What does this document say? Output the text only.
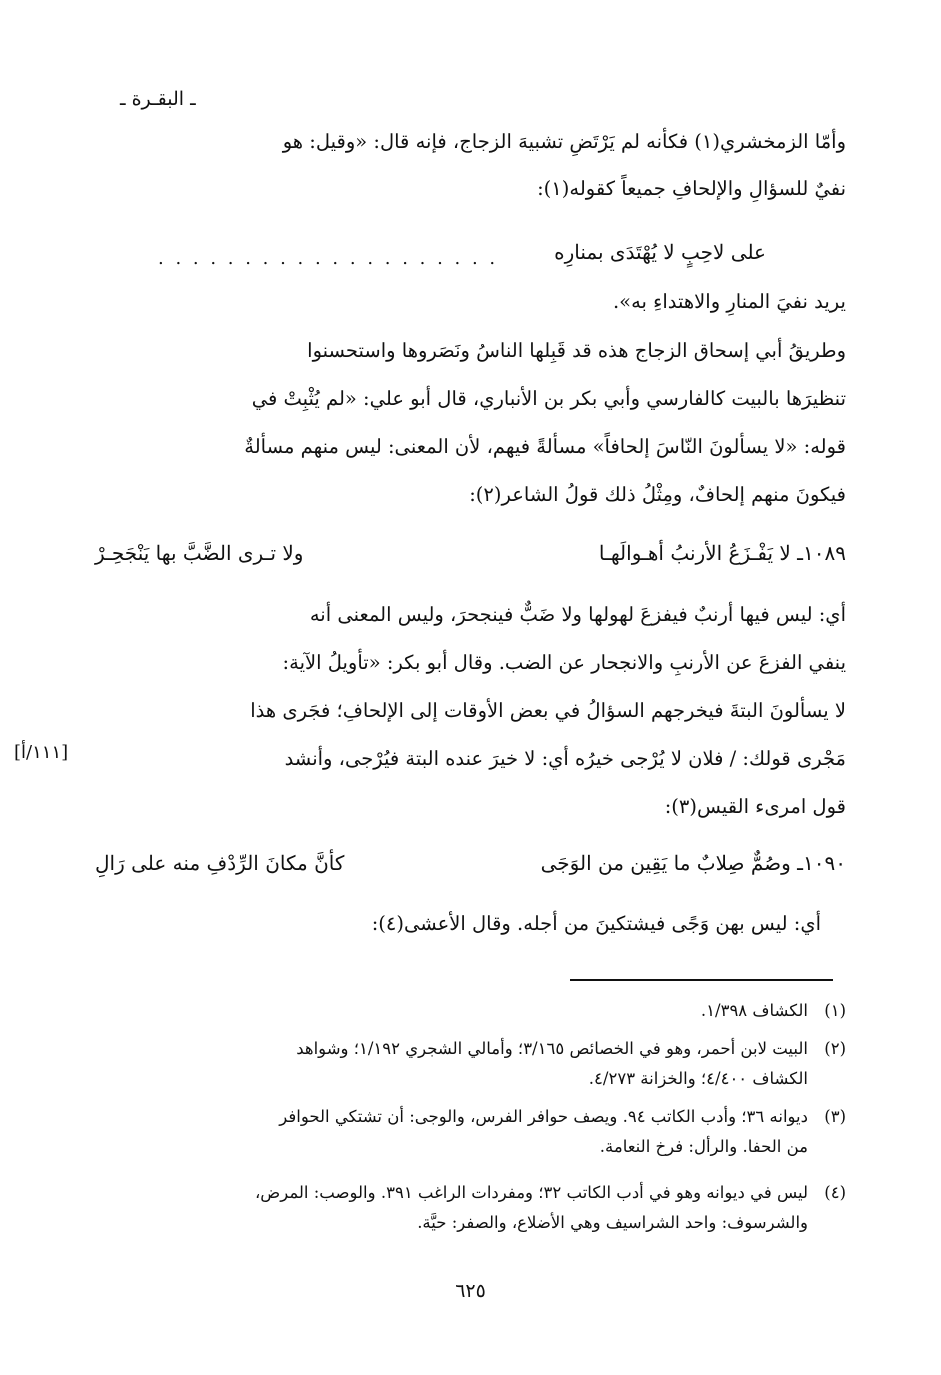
ـ البقـرة ـ
وأمّا الزمخشري(١) فكأنه لم يَرْتَضِ تشبيهَ الزجاج، فإنه قال: «وقيل: هو
نفيٌ للسؤالِ والإلحافِ جميعاً كقوله(١):
على لاحِبٍ لا يُهْتَدَى بمنارِه
. . . . . . . . . . . . . . . . . . . .
يريد نفيَ المنارِ والاهتداءِ به».
وطريقُ أبي إسحاق الزجاج هذه قد قَبِلها الناسُ ونَصَروها واستحسنوا
تنظيرَها بالبيت كالفارسي وأبي بكر بن الأنباري، قال أبو علي: «لم يُثْبِتْ في
قوله: «لا يسألونَ النّاسَ إلحافاً» مسألةً فيهم، لأن المعنى: ليس منهم مسألةٌ
فيكونَ منهم إلحافٌ، ومِثْلُ ذلك قولُ الشاعر(٢):
١٠٨٩ـ لا يَفْـزَعُ الأرنبُ أهـوالَهـا
ولا تـرى الضَّبَّ بها يَنْجَحِـرْ
أي: ليس فيها أرنبٌ فيفزعَ لهولها ولا ضَبٌّ فينجحرَ، وليس المعنى أنه
ينفي الفزعَ عن الأرنبِ والانجحار عن الضب. وقال أبو بكر: «تأويلُ الآية:
لا يسألونَ البتةَ فيخرجهم السؤالُ في بعض الأوقات إلى الإلحافِ؛ فجَرى هذا
مَجْرى قولك: / فلان لا يُرْجى خيرُه أي: لا خيرَ عنده البتة فيُرْجى، وأنشد
[١١١/أ]
قول امرىء القيس(٣):
١٠٩٠ـ وصُمٌّ صِلابٌ ما يَقِين من الوَجَى
كأنَّ مكانَ الرِّدْفِ منه على رَالِ
أي: ليس بهن وَجًى فيشتكينَ من أجله. وقال الأعشى(٤):
(١)
الكشاف ١/٣٩٨.
(٢)
البيت لابن أحمر، وهو في الخصائص ٣/١٦٥؛ وأمالي الشجري ١/١٩٢؛ وشواهد
الكشاف ٤/٤٠٠؛ والخزانة ٤/٢٧٣.
(٣)
ديوانه ٣٦؛ وأدب الكاتب ٩٤. ويصف حوافر الفرس، والوجى: أن تشتكي الحوافر
من الحفا. والرأل: فرخ النعامة.
(٤)
ليس في ديوانه وهو في أدب الكاتب ٣٢؛ ومفردات الراغب ٣٩١. والوصب: المرض،
والشرسوف: واحد الشراسيف وهي الأضلاع، والصفر: حيَّة.
٦٢٥
